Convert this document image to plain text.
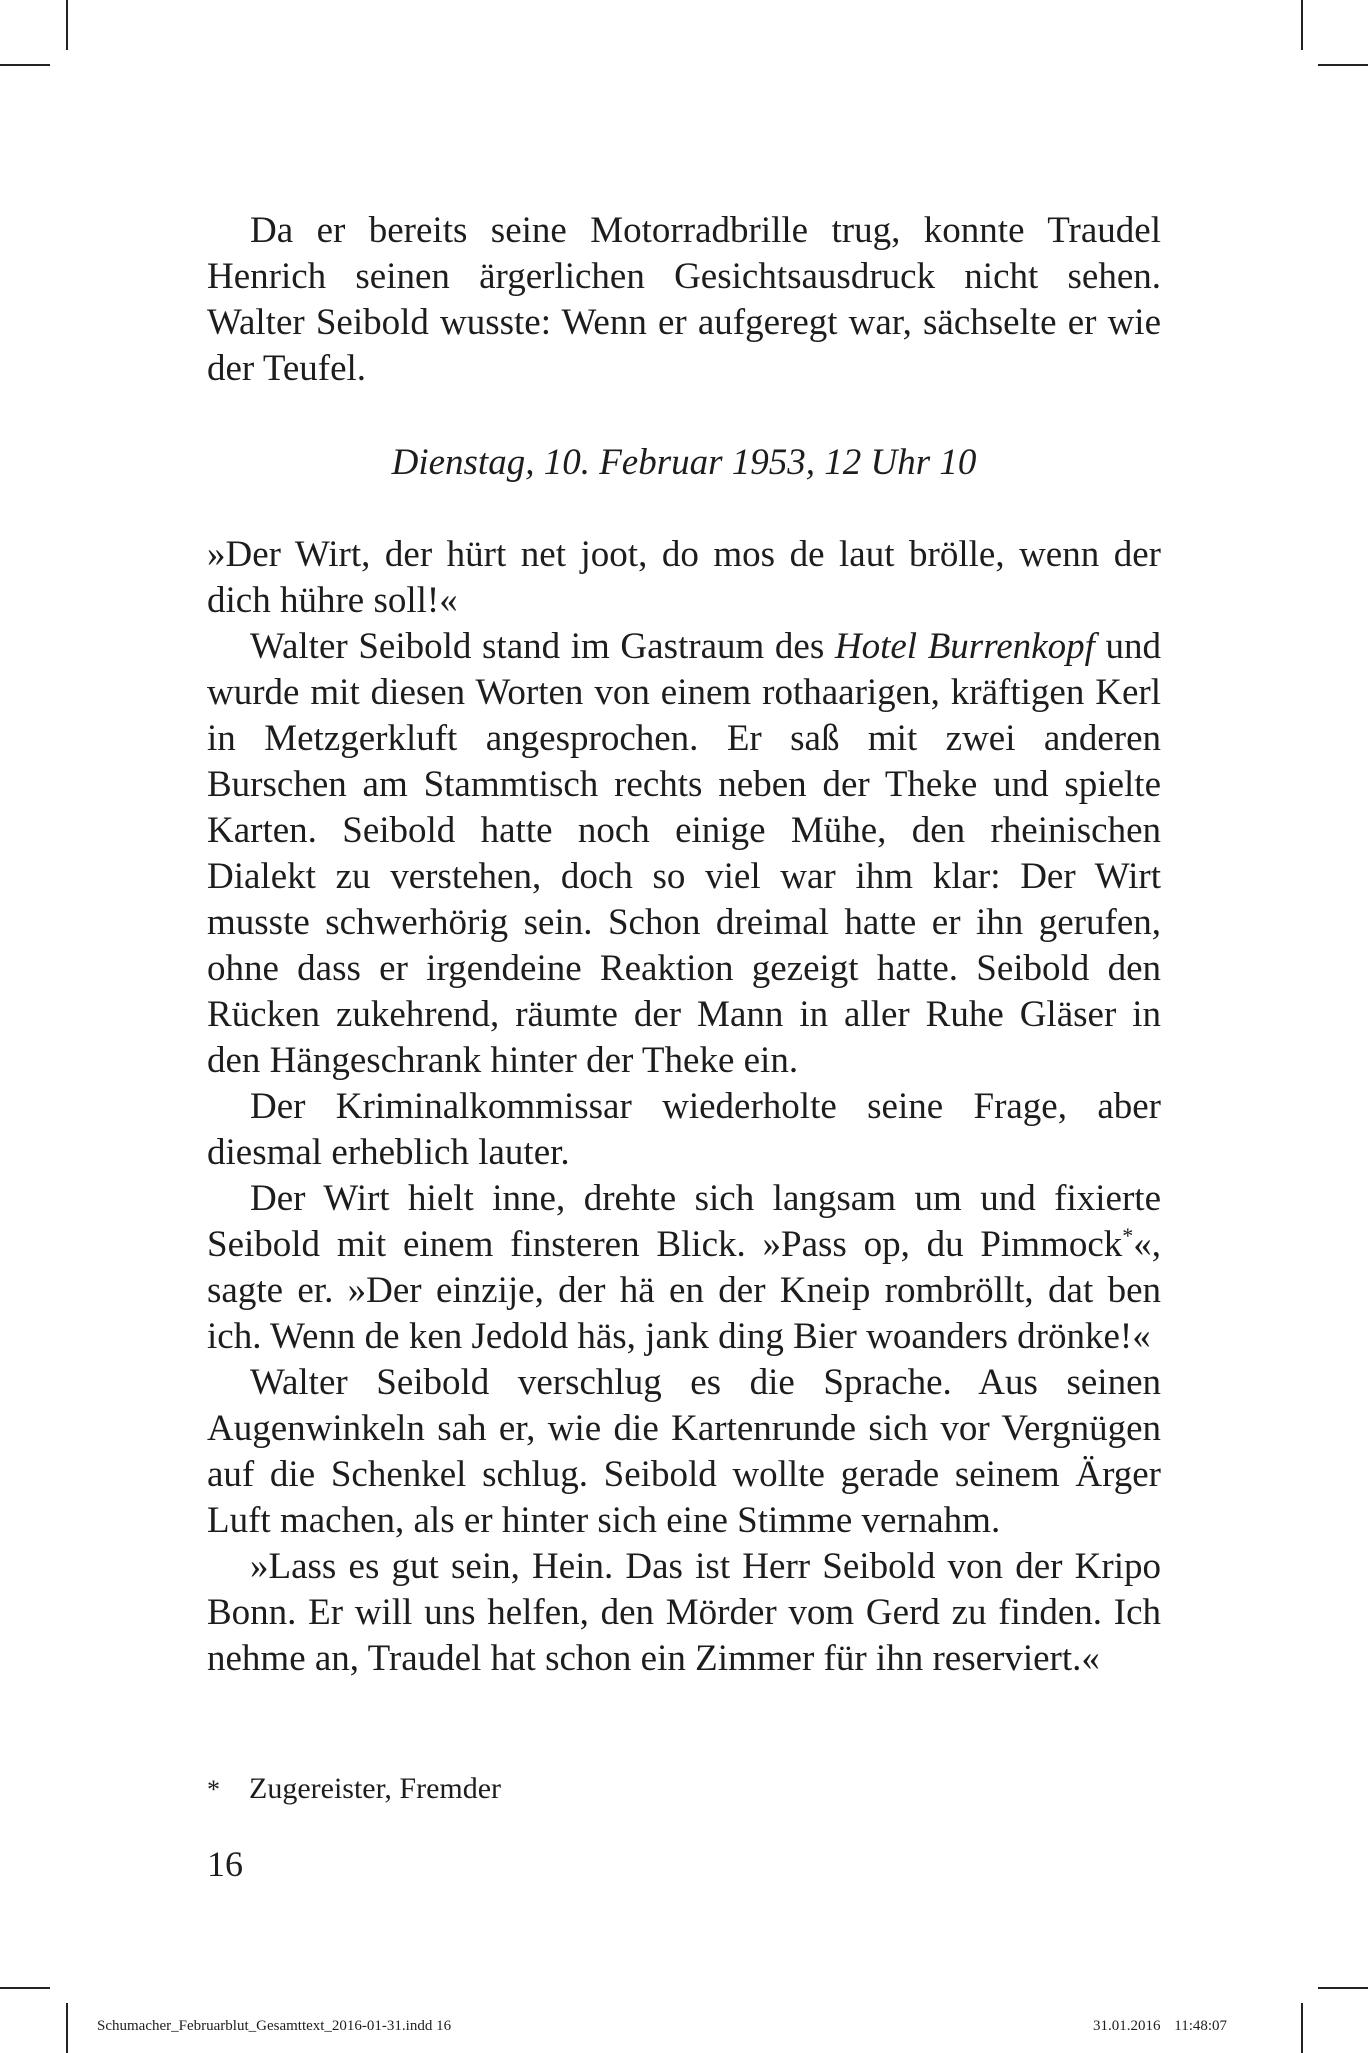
Da er bereits seine Motorradbrille trug, konnte Traudel Henrich seinen ärgerlichen Gesichtsausdruck nicht sehen. Walter Seibold wusste: Wenn er aufgeregt war, sächselte er wie der Teufel.

Dienstag, 10. Februar 1953, 12 Uhr 10

»Der Wirt, der hürt net joot, do mos de laut brölle, wenn der dich hühre soll!«

Walter Seibold stand im Gastraum des Hotel Burrenkopf und wurde mit diesen Worten von einem rothaarigen, kräftigen Kerl in Metzgerkluft angesprochen. Er saß mit zwei anderen Burschen am Stammtisch rechts neben der Theke und spielte Karten. Seibold hatte noch einige Mühe, den rheinischen Dialekt zu verstehen, doch so viel war ihm klar: Der Wirt musste schwerhörig sein. Schon dreimal hatte er ihn gerufen, ohne dass er irgendeine Reaktion gezeigt hatte. Seibold den Rücken zukehrend, räumte der Mann in aller Ruhe Gläser in den Hängeschrank hinter der Theke ein.

Der Kriminalkommissar wiederholte seine Frage, aber diesmal erheblich lauter.

Der Wirt hielt inne, drehte sich langsam um und fixierte Seibold mit einem finsteren Blick. »Pass op, du Pimmock*«, sagte er. »Der einzije, der hä en der Kneip rombröllt, dat ben ich. Wenn de ken Jedold häs, jank ding Bier woanders drönke!«

Walter Seibold verschlug es die Sprache. Aus seinen Augenwinkeln sah er, wie die Kartenrunde sich vor Vergnügen auf die Schenkel schlug. Seibold wollte gerade seinem Ärger Luft machen, als er hinter sich eine Stimme vernahm.

»Lass es gut sein, Hein. Das ist Herr Seibold von der Kripo Bonn. Er will uns helfen, den Mörder vom Gerd zu finden. Ich nehme an, Traudel hat schon ein Zimmer für ihn reserviert.«

* Zugereister, Fremder
16
Schumacher_Februarblut_Gesamttext_2016-01-31.indd 16	31.01.2016 11:48:07
